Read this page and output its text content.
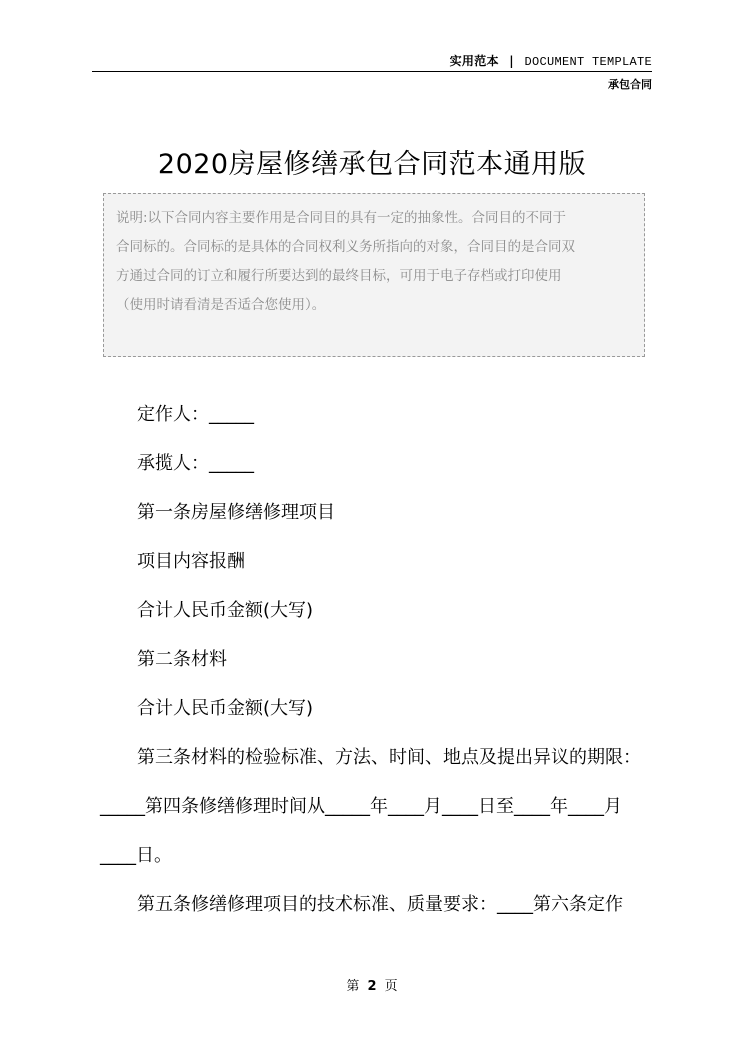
实用范本 | DOCUMENT TEMPLATE
承包合同
2020房屋修缮承包合同范本通用版
说明:以下合同内容主要作用是合同目的具有一定的抽象性。合同目的不同于
合同标的。合同标的是具体的合同权利义务所指向的对象，合同目的是合同双
方通过合同的订立和履行所要达到的最终目标，可用于电子存档或打印使用
（使用时请看清是否适合您使用）。
定作人：_____
承揽人：_____
第一条房屋修缮修理项目
项目内容报酬
合计人民币金额(大写)
第二条材料
合计人民币金额(大写)
第三条材料的检验标准、方法、时间、地点及提出异议的期限：
_____第四条修缮修理时间从_____年____月____日至____年____月
____日。
第五条修缮修理项目的技术标准、质量要求：____第六条定作
第 2 页
